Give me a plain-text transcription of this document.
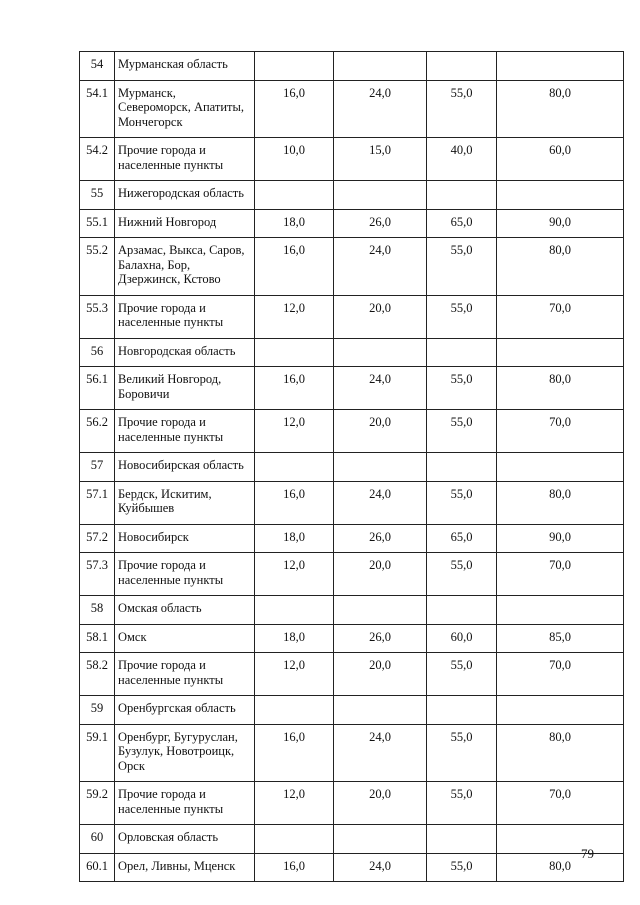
54	Мурманская область				
54.1	Мурманск, Североморск, Апатиты, Мончегорск	16,0	24,0	55,0	80,0
54.2	Прочие города и населенные пункты	10,0	15,0	40,0	60,0
55	Нижегородская область				
55.1	Нижний Новгород	18,0	26,0	65,0	90,0
55.2	Арзамас, Выкса, Саров, Балахна, Бор, Дзержинск, Кстово	16,0	24,0	55,0	80,0
55.3	Прочие города и населенные пункты	12,0	20,0	55,0	70,0
56	Новгородская область				
56.1	Великий Новгород, Боровичи	16,0	24,0	55,0	80,0
56.2	Прочие города и населенные пункты	12,0	20,0	55,0	70,0
57	Новосибирская область				
57.1	Бердск, Искитим, Куйбышев	16,0	24,0	55,0	80,0
57.2	Новосибирск	18,0	26,0	65,0	90,0
57.3	Прочие города и населенные пункты	12,0	20,0	55,0	70,0
58	Омская область				
58.1	Омск	18,0	26,0	60,0	85,0
58.2	Прочие города и населенные пункты	12,0	20,0	55,0	70,0
59	Оренбургская область				
59.1	Оренбург, Бугуруслан, Бузулук, Новотроицк, Орск	16,0	24,0	55,0	80,0
59.2	Прочие города и населенные пункты	12,0	20,0	55,0	70,0
60	Орловская область				
60.1	Орел, Ливны, Мценск	16,0	24,0	55,0	80,0
79
